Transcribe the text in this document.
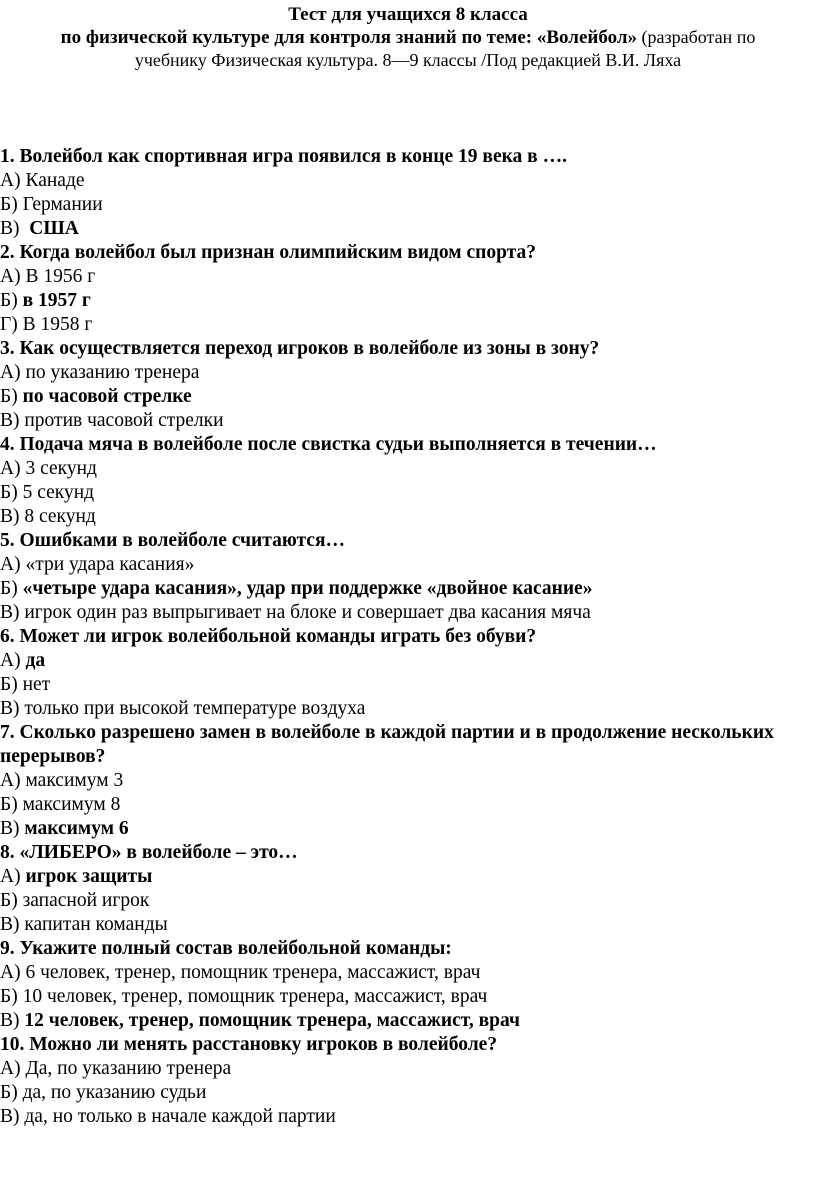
Тест для учащихся 8 класса
по физической культуре для контроля знаний по теме: «Волейбол» (разработан по
учебнику Физическая культура. 8—9 классы /Под редакцией В.И. Ляха
1. Волейбол как спортивная игра появился в конце 19 века в ….
А) Канаде
Б) Германии
В)  США
2. Когда волейбол был признан олимпийским видом спорта?
А) В 1956 г
Б) в 1957 г
Г) В 1958 г
3. Как осуществляется переход игроков в волейболе из зоны в зону?
А) по указанию тренера
Б) по часовой стрелке
В) против часовой стрелки
4. Подача мяча в волейболе после свистка судьи выполняется в течении…
А) 3 секунд
Б) 5 секунд
В) 8 секунд
5. Ошибками в волейболе считаются…
А) «три удара касания»
Б) «четыре удара касания», удар при поддержке «двойное касание»
В) игрок один раз выпрыгивает на блоке и совершает два касания мяча
6. Может ли игрок волейбольной команды играть без обуви?
А) да
Б) нет
В) только при высокой температуре воздуха
7. Сколько разрешено замен в волейболе в каждой партии и в продолжение нескольких перерывов?
А) максимум 3
Б) максимум 8
В) максимум 6
8. «ЛИБЕРО» в волейболе – это…
А) игрок защиты
Б) запасной игрок
В) капитан команды
9. Укажите полный состав волейбольной команды:
А) 6 человек, тренер, помощник тренера, массажист, врач
Б) 10 человек, тренер, помощник тренера, массажист, врач
В) 12 человек, тренер, помощник тренера, массажист, врач
10. Можно ли менять расстановку игроков в волейболе?
А) Да, по указанию тренера
Б) да, по указанию судьи
В) да, но только в начале каждой партии
